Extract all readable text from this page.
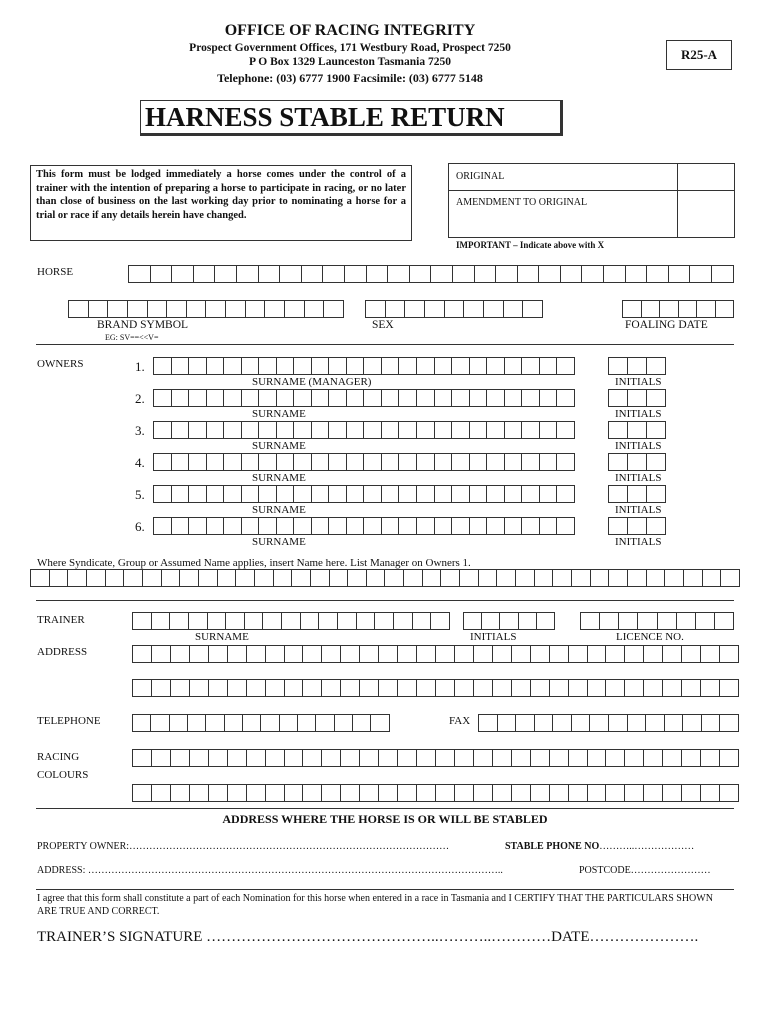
OFFICE OF RACING INTEGRITY
Prospect Government Offices, 171 Westbury Road, Prospect 7250
P O Box 1329 Launceston Tasmania 7250
Telephone: (03) 6777 1900 Facsimile: (03) 6777 5148
R25-A
HARNESS STABLE RETURN
This form must be lodged immediately a horse comes under the control of a trainer with the intention of preparing a horse to participate in racing, or no later than close of business on the last working day prior to nominating a horse for a trial or race if any details herein have changed.
ORIGINAL
AMENDMENT TO ORIGINAL
IMPORTANT – Indicate above with X
HORSE
BRAND SYMBOL
EG: SV==<<V=
SEX	FOALING DATE
OWNERS	1.
SURNAME (MANAGER)	INITIALS
2.
SURNAME	INITIALS
3.
SURNAME	INITIALS
4.
SURNAME	INITIALS
5.
SURNAME	INITIALS
6.
SURNAME	INITIALS
Where Syndicate, Group or Assumed Name applies, insert Name here. List Manager on Owners 1.
TRAINER
SURNAME	INITIALS	LICENCE NO.
ADDRESS
TELEPHONE	FAX
RACING
COLOURS
ADDRESS WHERE THE HORSE IS OR WILL BE STABLED
PROPERTY OWNER:……………………………………………………………………………………	STABLE PHONE NO………..………………
ADDRESS: ……………………………………………………………………………………………………………..	POSTCODE……………………
I agree that this form shall constitute a part of each Nomination for this horse when entered in a race in Tasmania and I CERTIFY THAT THE PARTICULARS SHOWN ARE TRUE AND CORRECT.
TRAINER’S SIGNATURE ………………………………………..………..…………DATE………………….
